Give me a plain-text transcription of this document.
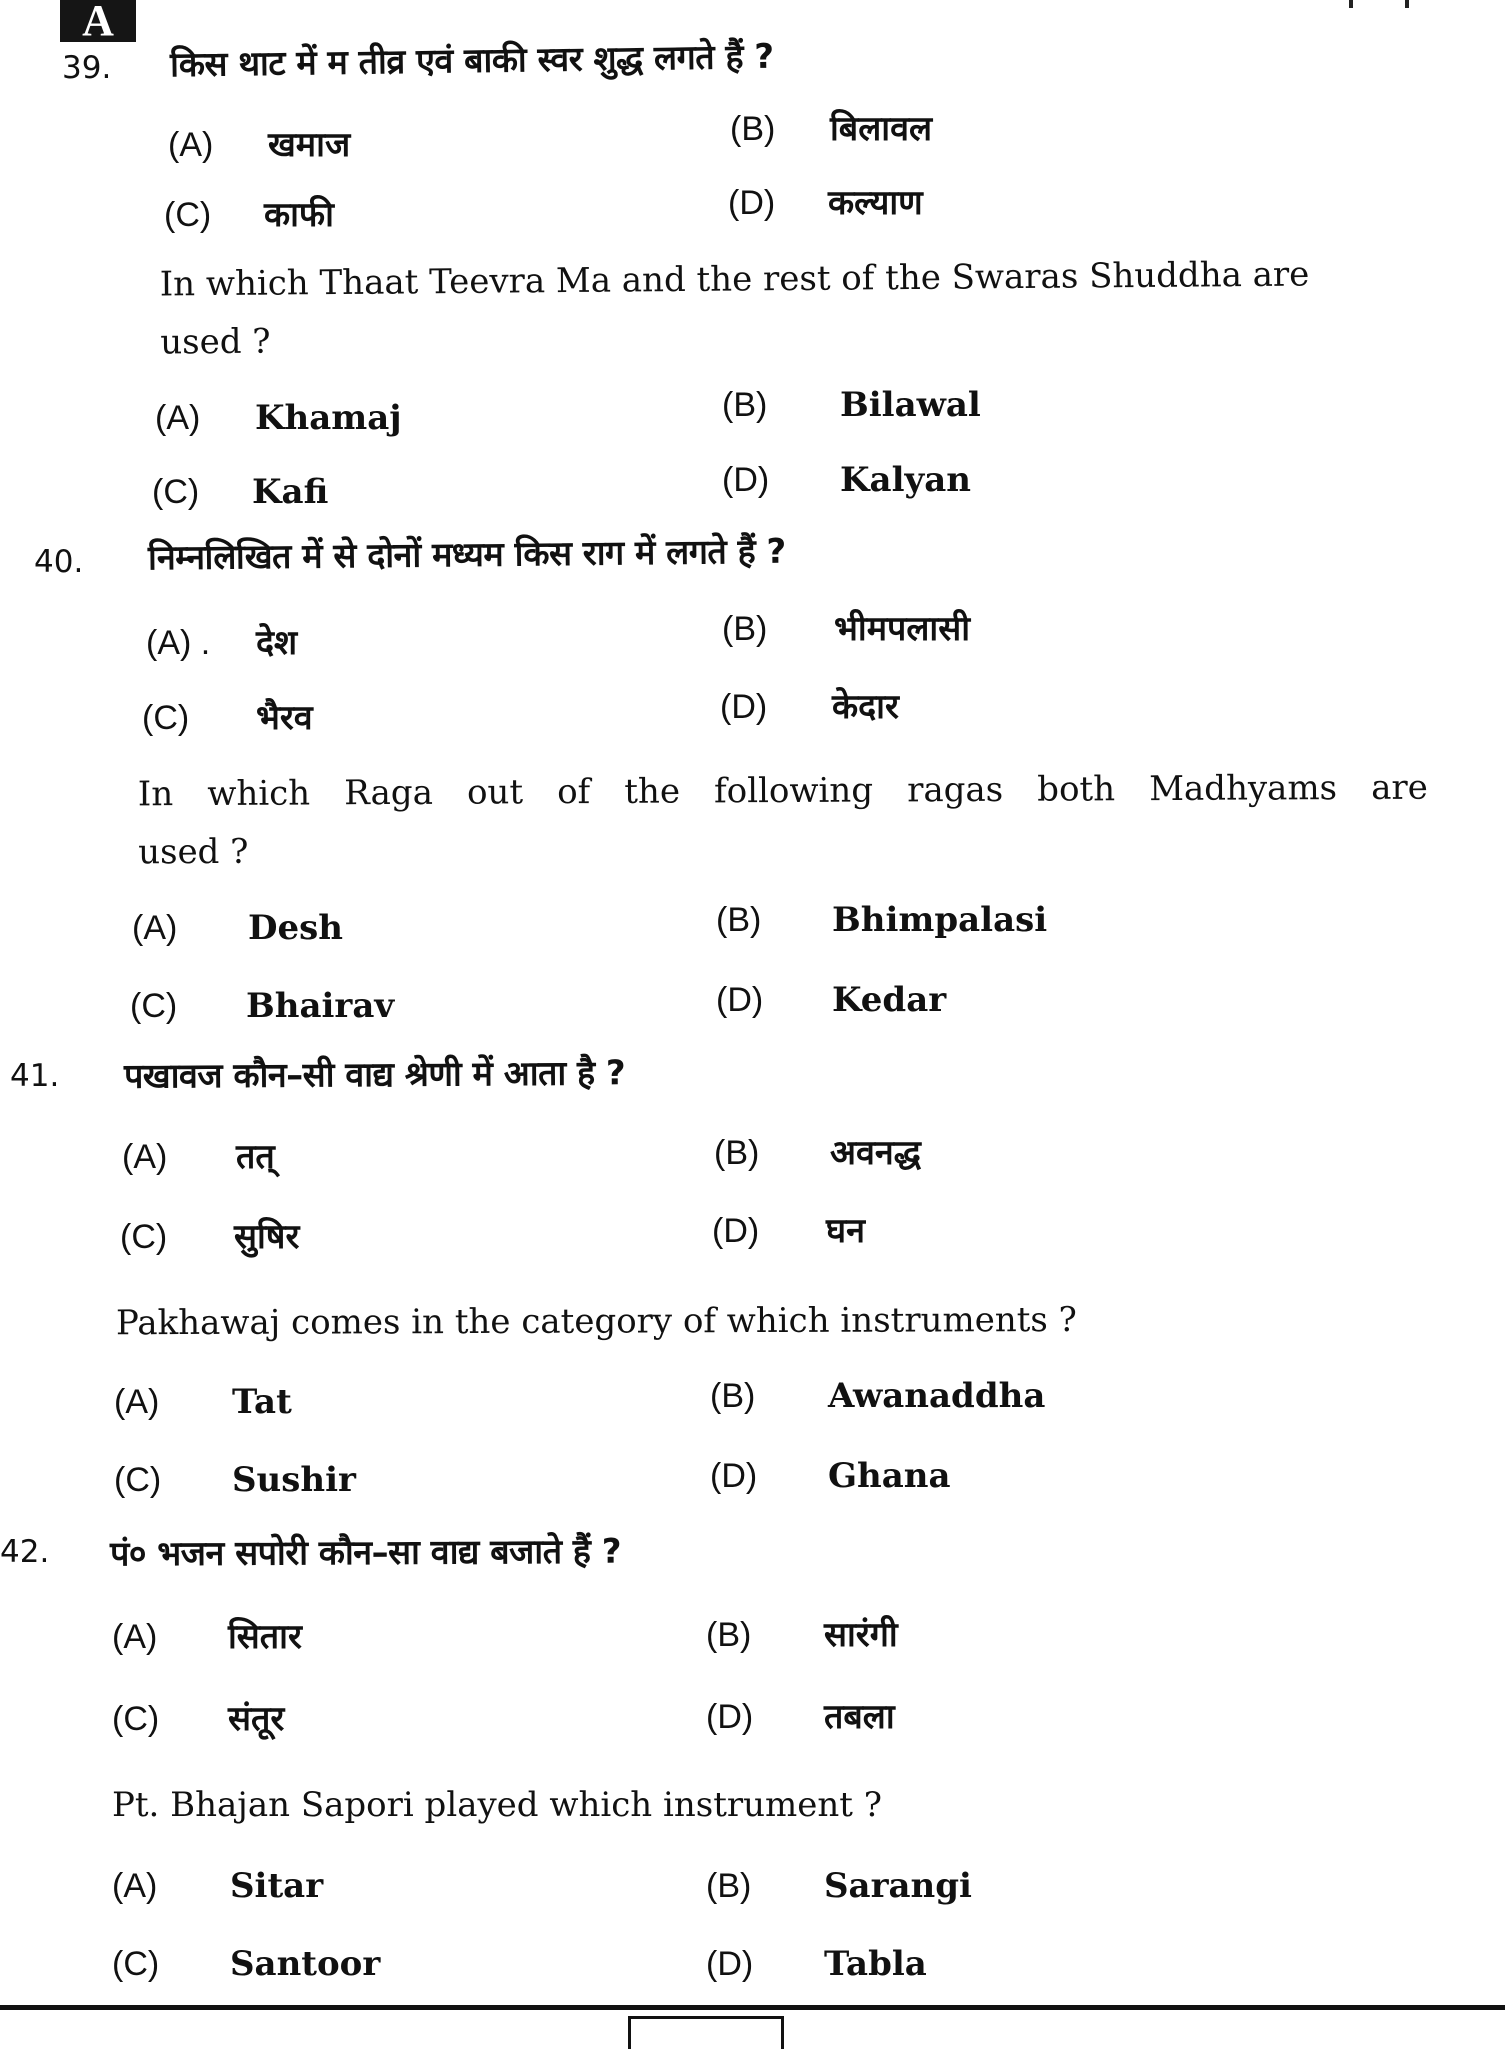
A
39. किस थाट में म तीव्र एवं बाकी स्वर शुद्ध लगते हैं ?
(A) खमाज	(B) बिलावल
(C) काफी	(D) कल्याण
In which Thaat Teevra Ma and the rest of the Swaras Shuddha are
used ?
(A) Khamaj	(B) Bilawal
(C) Kafi	(D) Kalyan
40. निम्नलिखित में से दोनों मध्यम किस राग में लगते हैं ?
(A) . देश	(B) भीमपलासी
(C) भैरव	(D) केदार
In which Raga out of the following ragas both Madhyams are
used ?
(A) Desh	(B) Bhimpalasi
(C) Bhairav	(D) Kedar
41. पखावज कौन–सी वाद्य श्रेणी में आता है ?
(A) तत्	(B) अवनद्ध
(C) सुषिर	(D) घन
Pakhawaj comes in the category of which instruments ?
(A) Tat	(B) Awanaddha
(C) Sushir	(D) Ghana
42. पं० भजन सपोरी कौन–सा वाद्य बजाते हैं ?
(A) सितार	(B) सारंगी
(C) संतूर	(D) तबला
Pt. Bhajan Sapori played which instrument ?
(A) Sitar	(B) Sarangi
(C) Santoor	(D) Tabla
